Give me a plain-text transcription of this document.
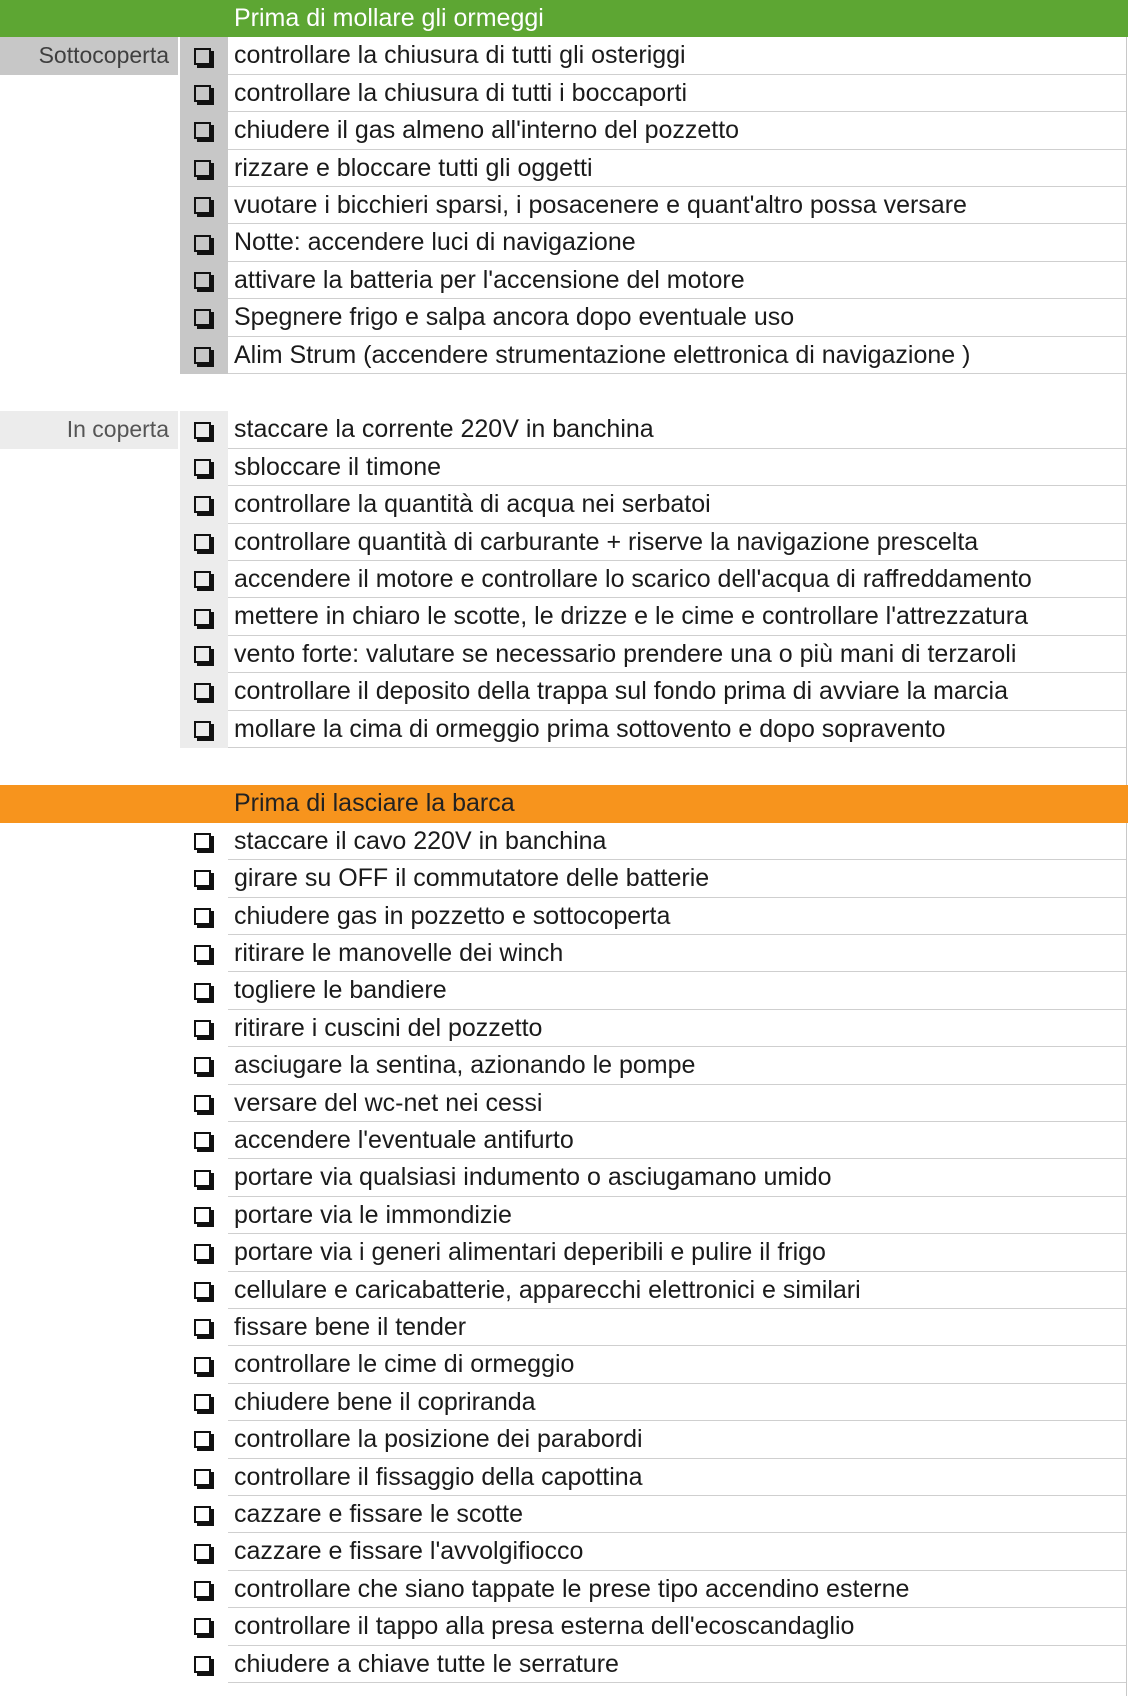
Prima di mollare gli ormeggi
Sottocoperta	controllare la chiusura di tutti gli osteriggi
controllare la chiusura di tutti i boccaporti
chiudere il gas almeno all'interno del pozzetto
rizzare e bloccare tutti gli oggetti
vuotare i bicchieri sparsi, i posacenere e quant'altro possa versare
Notte: accendere luci di navigazione
attivare la batteria per l'accensione del motore
Spegnere frigo e salpa ancora dopo eventuale uso
Alim Strum (accendere strumentazione elettronica di navigazione )
In coperta	staccare la corrente 220V in banchina
sbloccare il timone
controllare la quantità di acqua nei serbatoi
controllare quantità di carburante + riserve la navigazione prescelta
accendere il motore e controllare lo scarico dell'acqua di raffreddamento
mettere in chiaro le scotte, le drizze e le cime e controllare l'attrezzatura
vento forte: valutare se necessario prendere una o più mani di terzaroli
controllare il deposito della trappa sul fondo prima di avviare la marcia
mollare la cima di ormeggio prima sottovento e dopo sopravento
Prima di lasciare la barca
staccare il cavo 220V in banchina
girare su OFF il commutatore delle batterie
chiudere gas in pozzetto e sottocoperta
ritirare le manovelle dei winch
togliere le bandiere
ritirare i cuscini del pozzetto
asciugare la sentina, azionando le pompe
versare del wc-net nei cessi
accendere l'eventuale antifurto
portare via qualsiasi indumento o asciugamano umido
portare via le immondizie
portare via i generi alimentari deperibili e pulire il frigo
cellulare e caricabatterie, apparecchi elettronici e similari
fissare bene il tender
controllare le cime di ormeggio
chiudere bene il copriranda
controllare la posizione dei parabordi
controllare il fissaggio della capottina
cazzare e fissare le scotte
cazzare e fissare l'avvolgifiocco
controllare che siano tappate le prese tipo accendino esterne
controllare il tappo alla presa esterna dell'ecoscandaglio
chiudere a chiave tutte le serrature
